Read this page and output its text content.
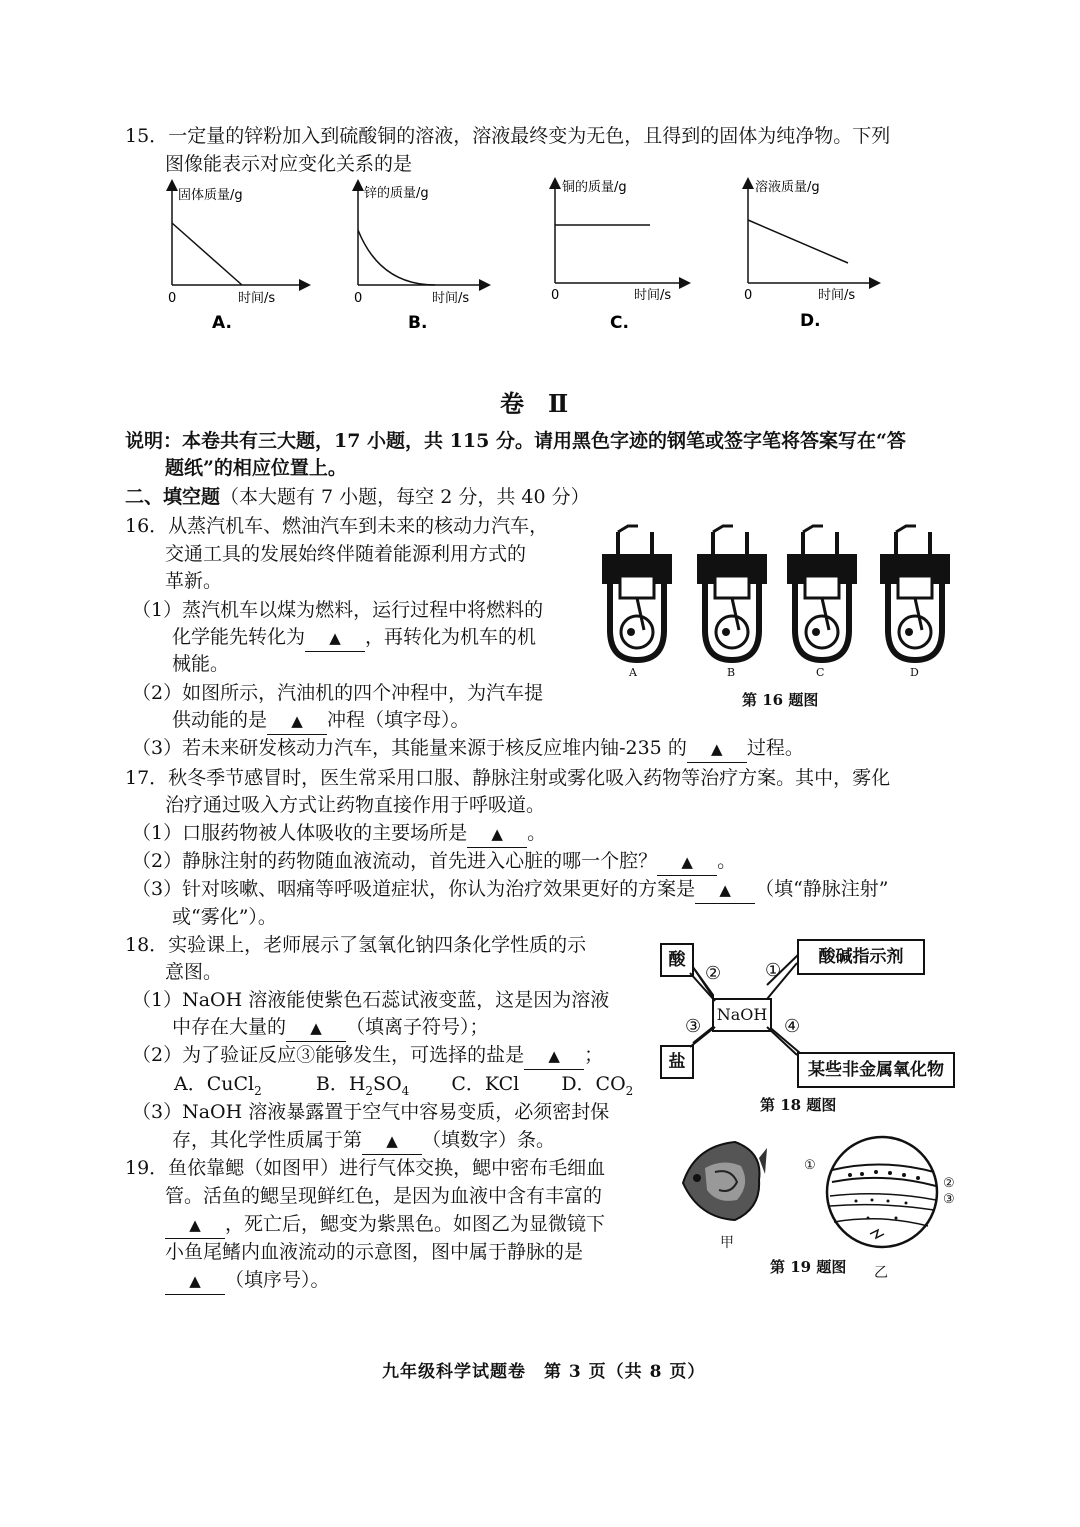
15．一定量的锌粉加入到硫酸铜的溶液，溶液最终变为无色，且得到的固体为纯净物。下列
图像能表示对应变化关系的是
固体质量/g
0	时间/s
A.
锌的质量/g
0	时间/s
B.
铜的质量/g
0	时间/s
C.
溶液质量/g
0	时间/s
D.
卷　Ⅱ
说明：本卷共有三大题，17 小题，共 115 分。请用黑色字迹的钢笔或签字笔将答案写在“答
题纸”的相应位置上。
二、填空题（本大题有 7 小题，每空 2 分，共 40 分）
16．从蒸汽机车、燃油汽车到未来的核动力汽车，
交通工具的发展始终伴随着能源利用方式的
革新。
（1）蒸汽机车以煤为燃料，运行过程中将燃料的
化学能先转化为 ▲ ，再转化为机车的机
械能。
（2）如图所示，汽油机的四个冲程中，为汽车提
供动能的是 ▲ 冲程（填字母）。
（3）若未来研发核动力汽车，其能量来源于核反应堆内铀-235 的 ▲ 过程。
A	B	C	D
第 16 题图
17．秋冬季节感冒时，医生常采用口服、静脉注射或雾化吸入药物等治疗方案。其中，雾化
治疗通过吸入方式让药物直接作用于呼吸道。
（1）口服药物被人体吸收的主要场所是 ▲ 。
（2）静脉注射的药物随血液流动，首先进入心脏的哪一个腔？ ▲ 。
（3）针对咳嗽、咽痛等呼吸道症状，你认为治疗效果更好的方案是 ▲ （填“静脉注射”
或“雾化”）。
18．实验课上，老师展示了氢氧化钠四条化学性质的示
意图。
（1）NaOH 溶液能使紫色石蕊试液变蓝，这是因为溶液
中存在大量的 ▲ （填离子符号）；
（2）为了验证反应③能够发生，可选择的盐是 ▲ ；
A．CuCl$_2$	B．$H_2SO_4$ C．KCl D．$CO_2$
（3）NaOH 溶液暴露置于空气中容易变质，必须密封保
存，其化学性质属于第 ▲ （填数字）条。
酸	酸碱指示剂
NaOH
盐	某些非金属氧化物
② ①
③	④
第 18 题图
19．鱼依靠鳃（如图甲）进行气体交换，鳃中密布毛细血
管。活鱼的鳃呈现鲜红色，是因为血液中含有丰富的
▲ ，死亡后，鳃变为紫黑色。如图乙为显微镜下
小鱼尾鳍内血液流动的示意图，图中属于静脉的是
▲ （填序号）。
甲
①
②
③
乙
第 19 题图
九年级科学试题卷　第 3 页（共 8 页）
